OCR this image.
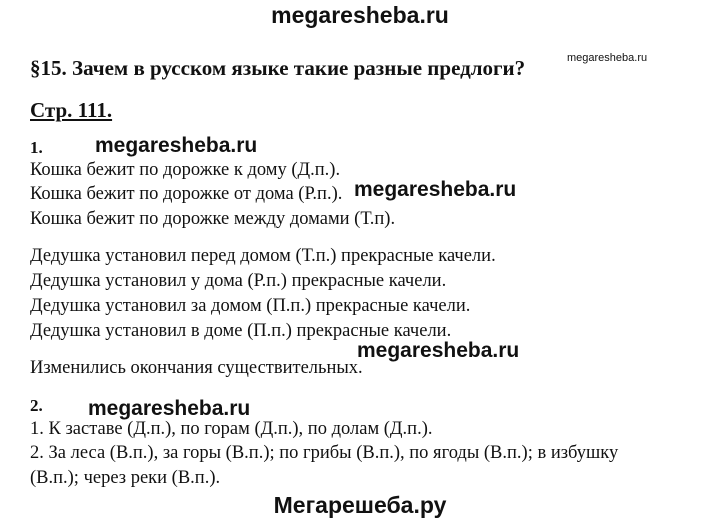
megaresheba.ru
§15. Зачем в русском языке такие разные предлоги?	megaresheba.ru
Стр. 111.
1. megaresheba.ru
Кошка бежит по дорожке к дому (Д.п.).
Кошка бежит по дорожке от дома (Р.п.). megaresheba.ru
Кошка бежит по дорожке между домами (Т.п).
Дедушка установил перед домом (Т.п.) прекрасные качели.
Дедушка установил у дома (Р.п.) прекрасные качели.
Дедушка установил за домом (П.п.) прекрасные качели.
Дедушка установил в доме (П.п.) прекрасные качели.
megaresheba.ru
Изменились окончания существительных.
2. megaresheba.ru
1. К заставе (Д.п.), по горам (Д.п.), по долам (Д.п.).
2. За леса (В.п.), за горы (В.п.); по грибы (В.п.), по ягоды (В.п.); в избушку
(В.п.); через реки (В.п.).
Мегарешеба.ру
